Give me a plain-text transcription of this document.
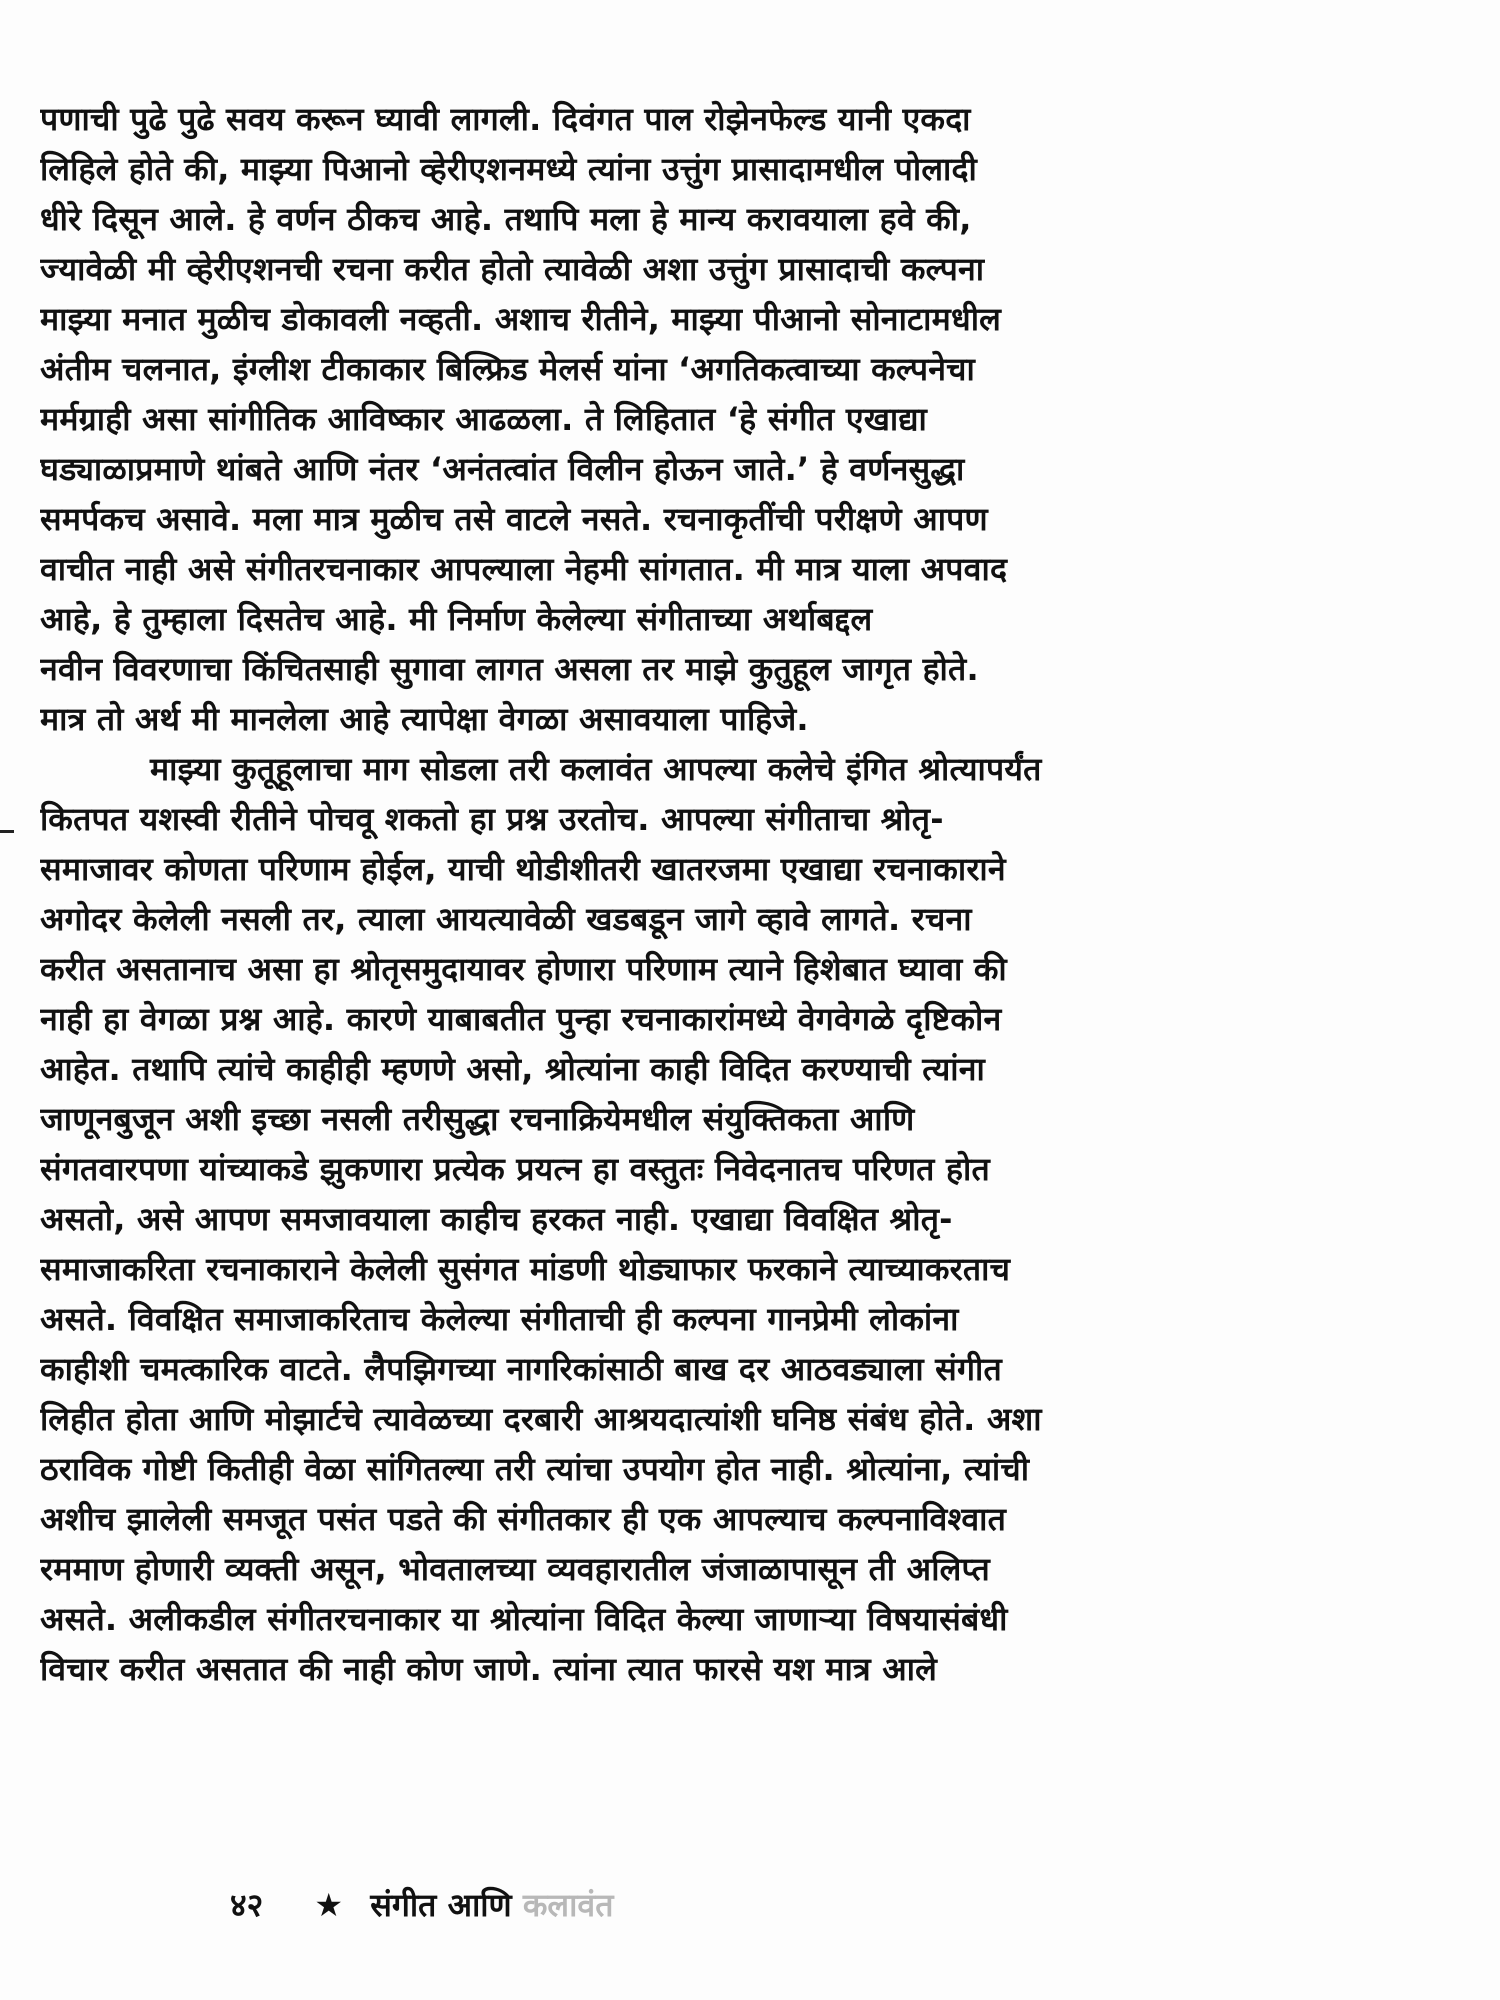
पणाची पुढे पुढे सवय करून घ्यावी लागली. दिवंगत पाल रोझेनफेल्ड यानी एकदा
लिहिले होते की, माझ्या पिआनो व्हेरीएशनमध्ये त्यांना उत्तुंग प्रासादामधील पोलादी
धीरे दिसून आले. हे वर्णन ठीकच आहे. तथापि मला हे मान्य करावयाला हवे की,
ज्यावेळी मी व्हेरीएशनची रचना करीत होतो त्यावेळी अशा उत्तुंग प्रासादाची कल्पना
माझ्या मनात मुळीच डोकावली नव्हती. अशाच रीतीने, माझ्या पीआनो सोनाटामधील
अंतीम चलनात, इंग्लीश टीकाकार बिल्फ्रिड मेलर्स यांना ‘अगतिकत्वाच्या कल्पनेचा
मर्मग्राही असा सांगीतिक आविष्कार आढळला. ते लिहितात ‘हे संगीत एखाद्या
घड्याळाप्रमाणे थांबते आणि नंतर ‘अनंतत्वांत विलीन होऊन जाते.’ हे वर्णनसुद्धा
समर्पकच असावे. मला मात्र मुळीच तसे वाटले नसते. रचनाकृतींची परीक्षणे आपण
वाचीत नाही असे संगीतरचनाकार आपल्याला नेहमी सांगतात. मी मात्र याला अपवाद
आहे, हे तुम्हाला दिसतेच आहे. मी निर्माण केलेल्या संगीताच्या अर्थाबद्दल
नवीन विवरणाचा किंचितसाही सुगावा लागत असला तर माझे कुतुहूल जागृत होते.
मात्र तो अर्थ मी मानलेला आहे त्यापेक्षा वेगळा असावयाला पाहिजे.
माझ्या कुतूहूलाचा माग सोडला तरी कलावंत आपल्या कलेचे इंगित श्रोत्यापर्यंत
कितपत यशस्वी रीतीने पोचवू शकतो हा प्रश्न उरतोच. आपल्या संगीताचा श्रोतृ-
समाजावर कोणता परिणाम होईल, याची थोडीशीतरी खातरजमा एखाद्या रचनाकाराने
अगोदर केलेली नसली तर, त्याला आयत्यावेळी खडबडून जागे व्हावे लागते. रचना
करीत असतानाच असा हा श्रोतृसमुदायावर होणारा परिणाम त्याने हिशेबात घ्यावा की
नाही हा वेगळा प्रश्न आहे. कारणे याबाबतीत पुन्हा रचनाकारांमध्ये वेगवेगळे दृष्टिकोन
आहेत. तथापि त्यांचे काहीही म्हणणे असो, श्रोत्यांना काही विदित करण्याची त्यांना
जाणूनबुजून अशी इच्छा नसली तरीसुद्धा रचनाक्रियेमधील संयुक्तिकता आणि
संगतवारपणा यांच्याकडे झुकणारा प्रत्येक प्रयत्न हा वस्तुतः निवेदनातच परिणत होत
असतो, असे आपण समजावयाला काहीच हरकत नाही. एखाद्या विवक्षित श्रोतृ-
समाजाकरिता रचनाकाराने केलेली सुसंगत मांडणी थोड्याफार फरकाने त्याच्याकरताच
असते. विवक्षित समाजाकरिताच केलेल्या संगीताची ही कल्पना गानप्रेमी लोकांना
काहीशी चमत्कारिक वाटते. लैपझिगच्या नागरिकांसाठी बाख दर आठवड्याला संगीत
लिहीत होता आणि मोझार्टचे त्यावेळच्या दरबारी आश्रयदात्यांशी घनिष्ठ संबंध होते. अशा
ठराविक गोष्टी कितीही वेळा सांगितल्या तरी त्यांचा उपयोग होत नाही. श्रोत्यांना, त्यांची
अशीच झालेली समजूत पसंत पडते की संगीतकार ही एक आपल्याच कल्पनाविश्वात
रममाण होणारी व्यक्ती असून, भोवतालच्या व्यवहारातील जंजाळापासून ती अलिप्त
असते. अलीकडील संगीतरचनाकार या श्रोत्यांना विदित केल्या जाणाऱ्या विषयासंबंधी
विचार करीत असतात की नाही कोण जाणे. त्यांना त्यात फारसे यश मात्र आले
४२ ★ संगीत आणि कलावंत
